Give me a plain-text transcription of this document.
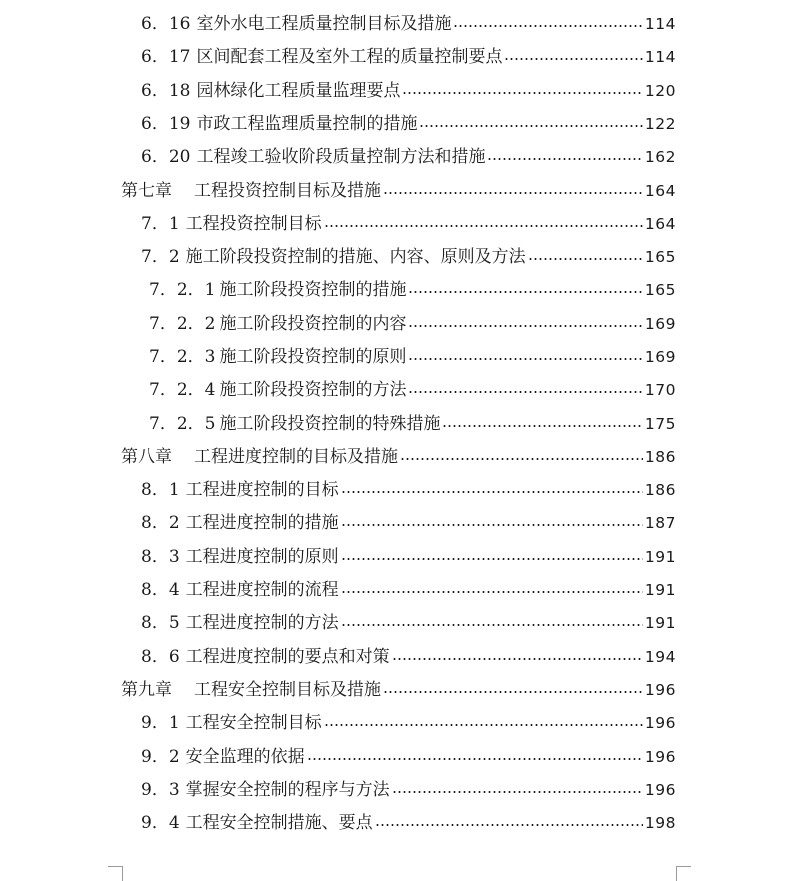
6．16 室外水电工程质量控制目标及措施	114
6．17 区间配套工程及室外工程的质量控制要点	114
6．18 园林绿化工程质量监理要点	120
6．19 市政工程监理质量控制的措施	122
6．20 工程竣工验收阶段质量控制方法和措施	162
第七章 工程投资控制目标及措施	164
7．1 工程投资控制目标	164
7．2 施工阶段投资控制的措施、内容、原则及方法	165
7．2．1 施工阶段投资控制的措施	165
7．2．2 施工阶段投资控制的内容	169
7．2．3 施工阶段投资控制的原则	169
7．2．4 施工阶段投资控制的方法	170
7．2．5 施工阶段投资控制的特殊措施	175
第八章 工程进度控制的目标及措施	186
8．1 工程进度控制的目标	186
8．2 工程进度控制的措施	187
8．3 工程进度控制的原则	191
8．4 工程进度控制的流程	191
8．5 工程进度控制的方法	191
8．6 工程进度控制的要点和对策	194
第九章 工程安全控制目标及措施	196
9．1 工程安全控制目标	196
9．2 安全监理的依据	196
9．3 掌握安全控制的程序与方法	196
9．4 工程安全控制措施、要点	198
